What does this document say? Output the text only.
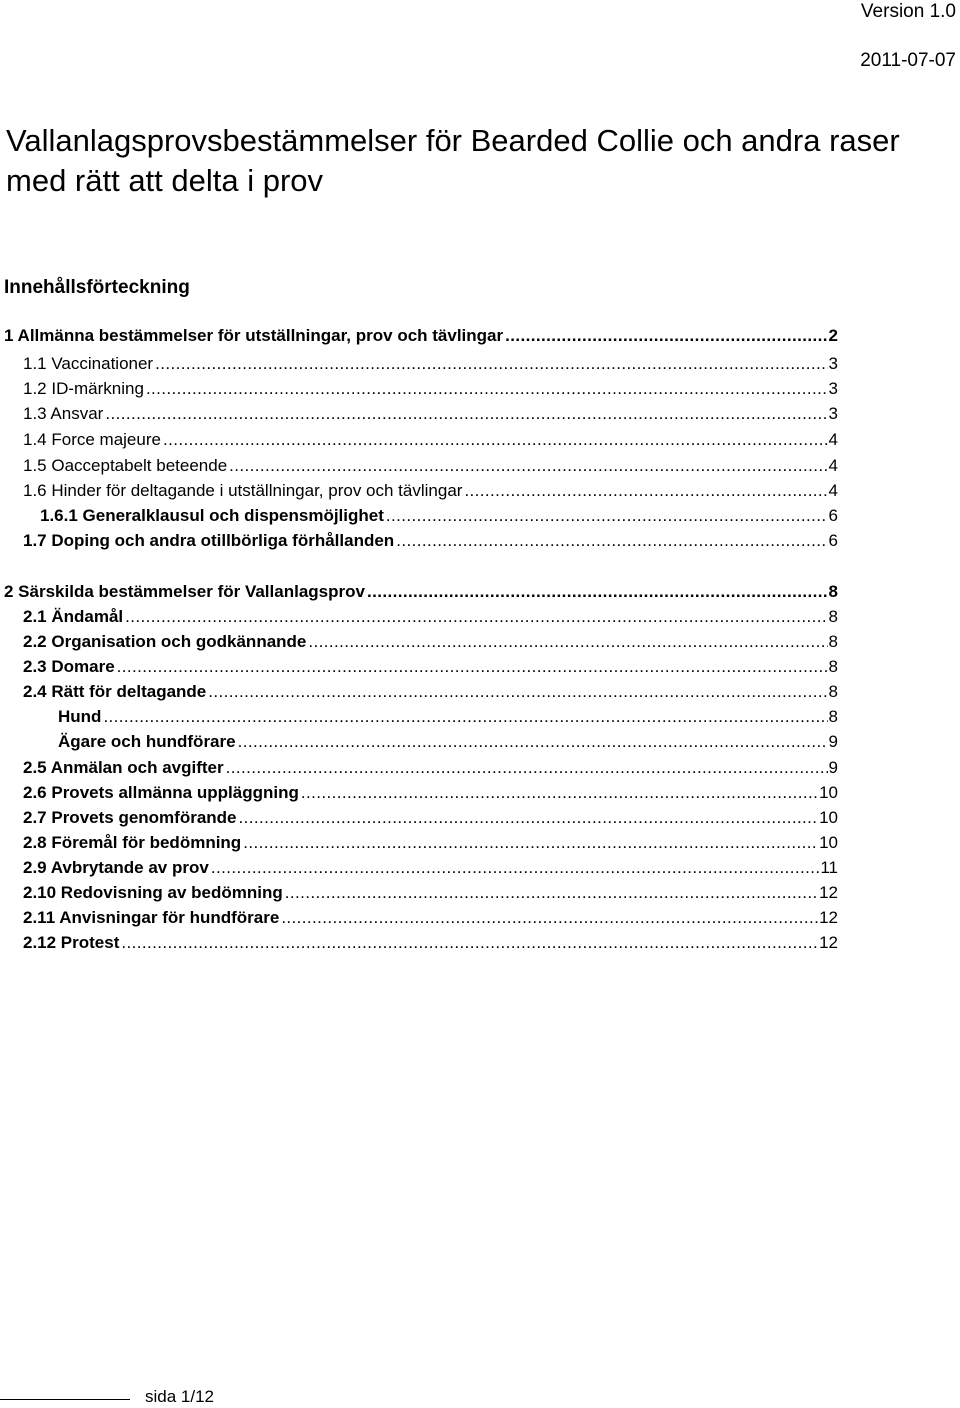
Version 1.0
2011-07-07
Vallanlagsprovsbestämmelser för Bearded Collie och andra raser med rätt att delta i prov
Innehållsförteckning
1 Allmänna bestämmelser för utställningar, prov och tävlingar .....	2
1.1 Vaccinationer .....	3
1.2 ID-märkning .....	3
1.3 Ansvar .....	3
1.4 Force majeure .....	4
1.5 Oacceptabelt beteende .....	4
1.6 Hinder för deltagande i utställningar, prov och tävlingar .....	4
1.6.1 Generalklausul och dispensmöjlighet .....	6
1.7 Doping och andra otillbörliga förhållanden .....	6
2 Särskilda bestämmelser för Vallanlagsprov .....	8
2.1 Ändamål .....	8
2.2 Organisation och godkännande .....	8
2.3 Domare .....	8
2.4 Rätt för deltagande .....	8
Hund .....	8
Ägare och hundförare .....	9
2.5 Anmälan och avgifter .....	9
2.6 Provets allmänna uppläggning .....	10
2.7 Provets genomförande .....	10
2.8 Föremål för bedömning .....	10
2.9 Avbrytande av prov .....	11
2.10 Redovisning av bedömning .....	12
2.11 Anvisningar för hundförare .....	12
2.12 Protest .....	12
sida 1/12
